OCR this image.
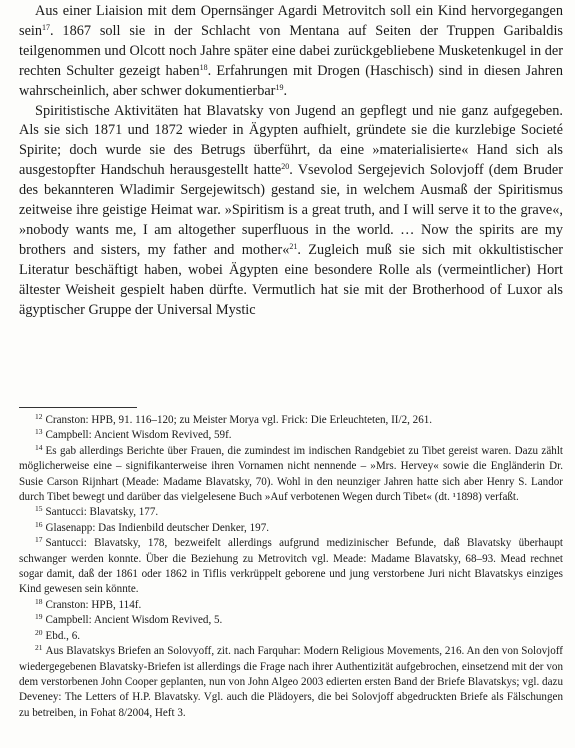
Aus einer Liaision mit dem Opernsänger Agardi Metrovitch soll ein Kind hervorgegangen sein$^{17}$. 1867 soll sie in der Schlacht von Mentana auf Seiten der Truppen Garibaldis teilgenommen und Olcott noch Jahre später eine dabei zurückgebliebene Musketenkugel in der rechten Schulter gezeigt haben$^{18}$. Erfahrungen mit Drogen (Haschisch) sind in diesen Jahren wahrscheinlich, aber schwer dokumentierbar$^{19}$.

Spiritistische Aktivitäten hat Blavatsky von Jugend an gepflegt und nie ganz aufgegeben. Als sie sich 1871 und 1872 wieder in Ägypten aufhielt, gründete sie die kurzlebige Societé Spirite; doch wurde sie des Betrugs überführt, da eine »materialisierte« Hand sich als ausgestopfter Handschuh herausgestellt hatte$^{20}$. Vsevolod Sergejevich Solovjoff (dem Bruder des bekannteren Wladimir Sergejewitsch) gestand sie, in welchem Ausmaß der Spiritismus zeitweise ihre geistige Heimat war. »Spiritism is a great truth, and I will serve it to the grave«, »nobody wants me, I am altogether superfluous in the world. … Now the spirits are my brothers and sisters, my father and mother«$^{21}$. Zugleich muß sie sich mit okkultistischer Literatur beschäftigt haben, wobei Ägypten eine besondere Rolle als (vermeintlicher) Hort ältester Weisheit gespielt haben dürfte. Vermutlich hat sie mit der Brotherhood of Luxor als ägyptischer Gruppe der Universal Mystic

$^{12}$ Cranston: HPB, 91. 116–120; zu Meister Morya vgl. Frick: Die Erleuchteten, II/2, 261.
$^{13}$ Campbell: Ancient Wisdom Revived, 59f.
$^{14}$ Es gab allerdings Berichte über Frauen, die zumindest im indischen Randgebiet zu Tibet gereist waren. Dazu zählt möglicherweise eine – signifikanterweise ihren Vornamen nicht nennende – »Mrs. Hervey« sowie die Engländerin Dr. Susie Carson Rijnhart (Meade: Madame Blavatsky, 70). Wohl in den neunziger Jahren hatte sich aber Henry S. Landor durch Tibet bewegt und darüber das vielgelesene Buch »Auf verbotenen Wegen durch Tibet« (dt. ¹1898) verfaßt.
$^{15}$ Santucci: Blavatsky, 177.
$^{16}$ Glasenapp: Das Indienbild deutscher Denker, 197.
$^{17}$ Santucci: Blavatsky, 178, bezweifelt allerdings aufgrund medizinischer Befunde, daß Blavatsky überhaupt schwanger werden konnte. Über die Beziehung zu Metrovitch vgl. Meade: Madame Blavatsky, 68–93. Mead rechnet sogar damit, daß der 1861 oder 1862 in Tiflis verkrüppelt geborene und jung verstorbene Juri nicht Blavatskys einziges Kind gewesen sein könnte.
$^{18}$ Cranston: HPB, 114f.
$^{19}$ Campbell: Ancient Wisdom Revived, 5.
$^{20}$ Ebd., 6.
$^{21}$ Aus Blavatskys Briefen an Solovyoff, zit. nach Farquhar: Modern Religious Movements, 216. An den von Solovjoff wiedergegebenen Blavatsky-Briefen ist allerdings die Frage nach ihrer Authentizität aufgebrochen, einsetzend mit der von dem verstorbenen John Cooper geplanten, nun von John Algeo 2003 edierten ersten Band der Briefe Blavatskys; vgl. dazu Deveney: The Letters of H.P. Blavatsky. Vgl. auch die Plädoyers, die bei Solovjoff abgedruckten Briefe als Fälschungen zu betreiben, in Fohat 8/2004, Heft 3.
